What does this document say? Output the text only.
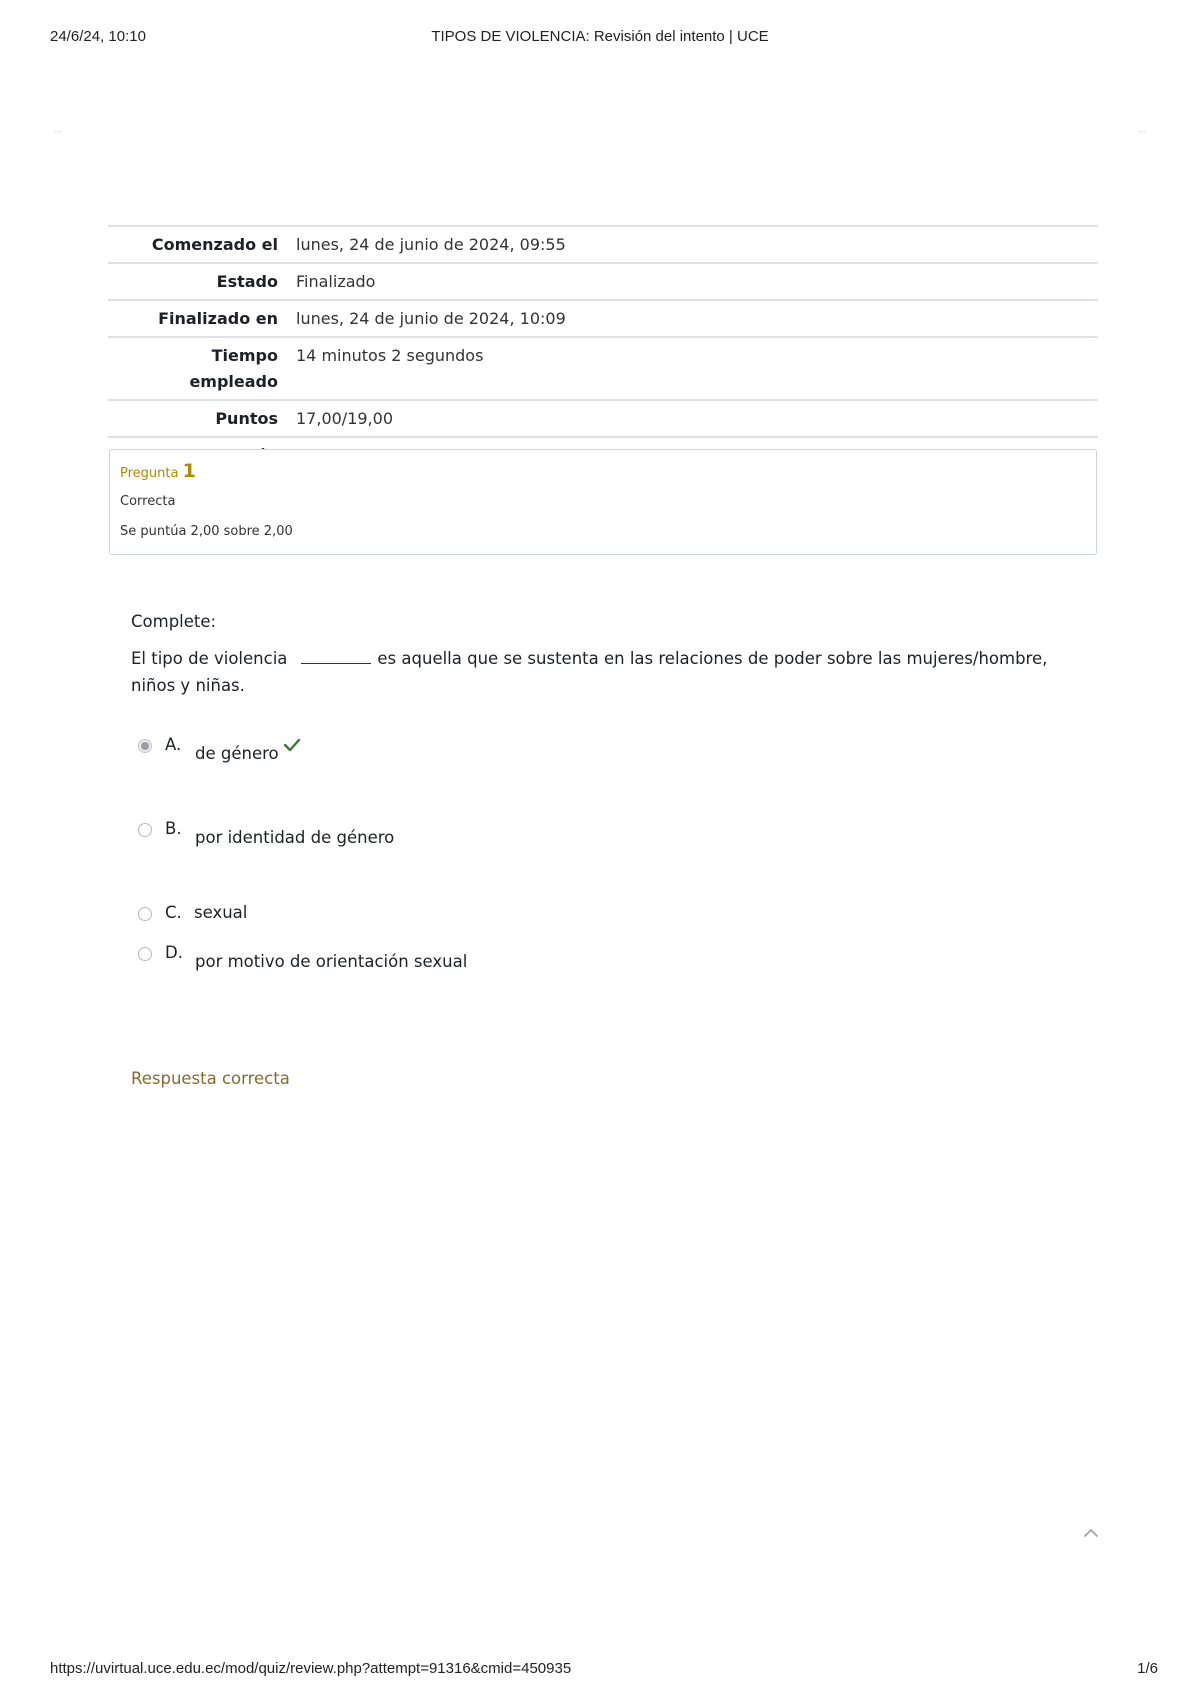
24/6/24, 10:10	TIPOS DE VIOLENCIA: Revisión del intento | UCE
Comenzado el	lunes, 24 de junio de 2024, 09:55
Estado	Finalizado
Finalizado en	lunes, 24 de junio de 2024, 10:09
Tiempo
empleado	14 minutos 2 segundos
Puntos	17,00/19,00

Pregunta 1
Correcta
Se puntúa 2,00 sobre 2,00
Complete:
El tipo de violencia	es aquella que se sustenta en las relaciones de poder sobre las mujeres/hombre, niños y niñas.
A. de género
B. por identidad de género
C. sexual
D. por motivo de orientación sexual
Respuesta correcta
https://uvirtual.uce.edu.ec/mod/quiz/review.php?attempt=91316&cmid=450935	1/6
